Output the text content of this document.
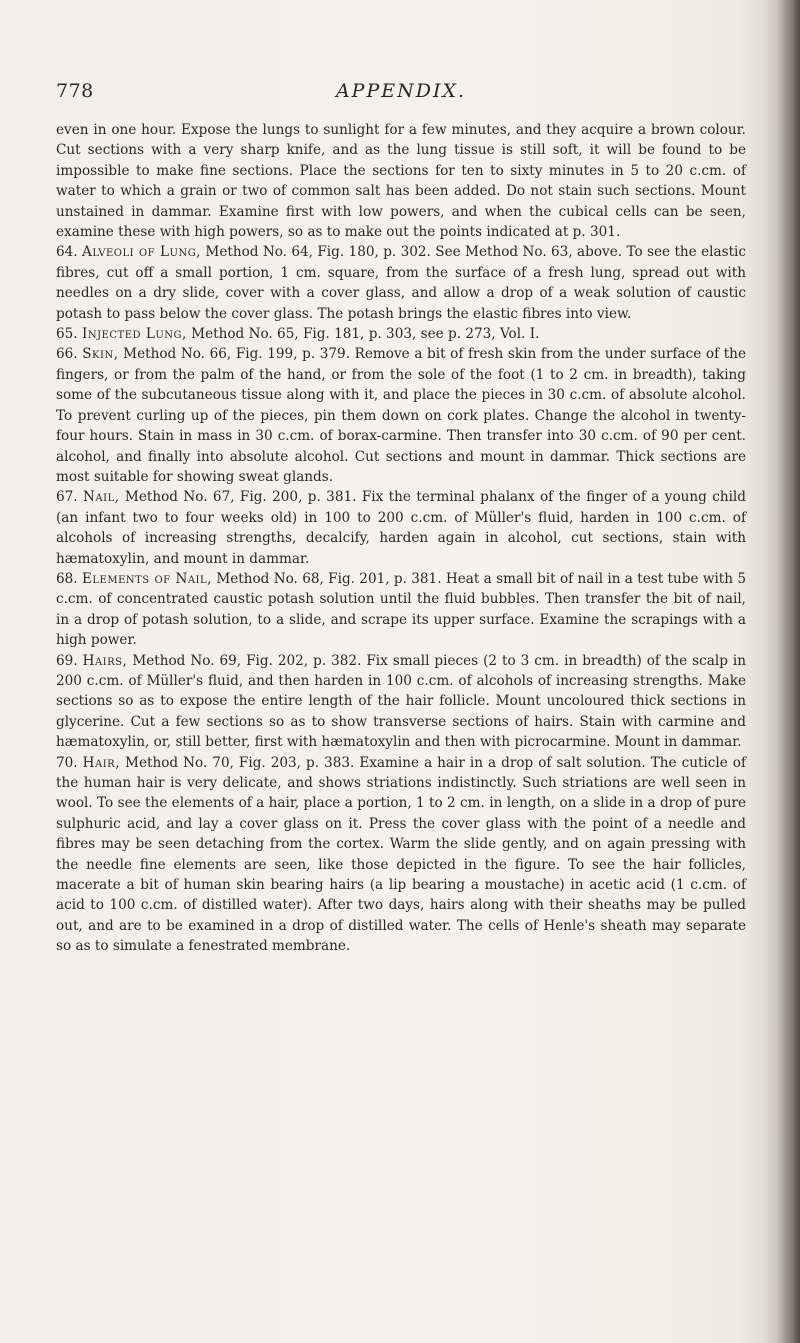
778	APPENDIX.

even in one hour. Expose the lungs to sunlight for a few minutes, and they acquire a brown colour. Cut sections with a very sharp knife, and as the lung tissue is still soft, it will be found to be impossible to make fine sections. Place the sections for ten to sixty minutes in 5 to 20 c.cm. of water to which a grain or two of common salt has been added. Do not stain such sections. Mount unstained in dammar. Examine first with low powers, and when the cubical cells can be seen, examine these with high powers, so as to make out the points indicated at p. 301.

64. Alveoli of Lung, Method No. 64, Fig. 180, p. 302. See Method No. 63, above. To see the elastic fibres, cut off a small portion, 1 cm. square, from the surface of a fresh lung, spread out with needles on a dry slide, cover with a cover glass, and allow a drop of a weak solution of caustic potash to pass below the cover glass. The potash brings the elastic fibres into view.

65. Injected Lung, Method No. 65, Fig. 181, p. 303, see p. 273, Vol. I.

66. Skin, Method No. 66, Fig. 199, p. 379. Remove a bit of fresh skin from the under surface of the fingers, or from the palm of the hand, or from the sole of the foot (1 to 2 cm. in breadth), taking some of the subcutaneous tissue along with it, and place the pieces in 30 c.cm. of absolute alcohol. To prevent curling up of the pieces, pin them down on cork plates. Change the alcohol in twenty-four hours. Stain in mass in 30 c.cm. of borax-carmine. Then transfer into 30 c.cm. of 90 per cent. alcohol, and finally into absolute alcohol. Cut sections and mount in dammar. Thick sections are most suitable for showing sweat glands.

67. Nail, Method No. 67, Fig. 200, p. 381. Fix the terminal phalanx of the finger of a young child (an infant two to four weeks old) in 100 to 200 c.cm. of Müller's fluid, harden in 100 c.cm. of alcohols of increasing strengths, decalcify, harden again in alcohol, cut sections, stain with hæmatoxylin, and mount in dammar.

68. Elements of Nail, Method No. 68, Fig. 201, p. 381. Heat a small bit of nail in a test tube with 5 c.cm. of concentrated caustic potash solution until the fluid bubbles. Then transfer the bit of nail, in a drop of potash solution, to a slide, and scrape its upper surface. Examine the scrapings with a high power.

69. Hairs, Method No. 69, Fig. 202, p. 382. Fix small pieces (2 to 3 cm. in breadth) of the scalp in 200 c.cm. of Müller's fluid, and then harden in 100 c.cm. of alcohols of increasing strengths. Make sections so as to expose the entire length of the hair follicle. Mount uncoloured thick sections in glycerine. Cut a few sections so as to show transverse sections of hairs. Stain with carmine and hæmatoxylin, or, still better, first with hæmatoxylin and then with picrocarmine. Mount in dammar.

70. Hair, Method No. 70, Fig. 203, p. 383. Examine a hair in a drop of salt solution. The cuticle of the human hair is very delicate, and shows striations indistinctly. Such striations are well seen in wool. To see the elements of a hair, place a portion, 1 to 2 cm. in length, on a slide in a drop of pure sulphuric acid, and lay a cover glass on it. Press the cover glass with the point of a needle and fibres may be seen detaching from the cortex. Warm the slide gently, and on again pressing with the needle fine elements are seen, like those depicted in the figure. To see the hair follicles, macerate a bit of human skin bearing hairs (a lip bearing a moustache) in acetic acid (1 c.cm. of acid to 100 c.cm. of distilled water). After two days, hairs along with their sheaths may be pulled out, and are to be examined in a drop of distilled water. The cells of Henle's sheath may separate so as to simulate a fenestrated membrane.
